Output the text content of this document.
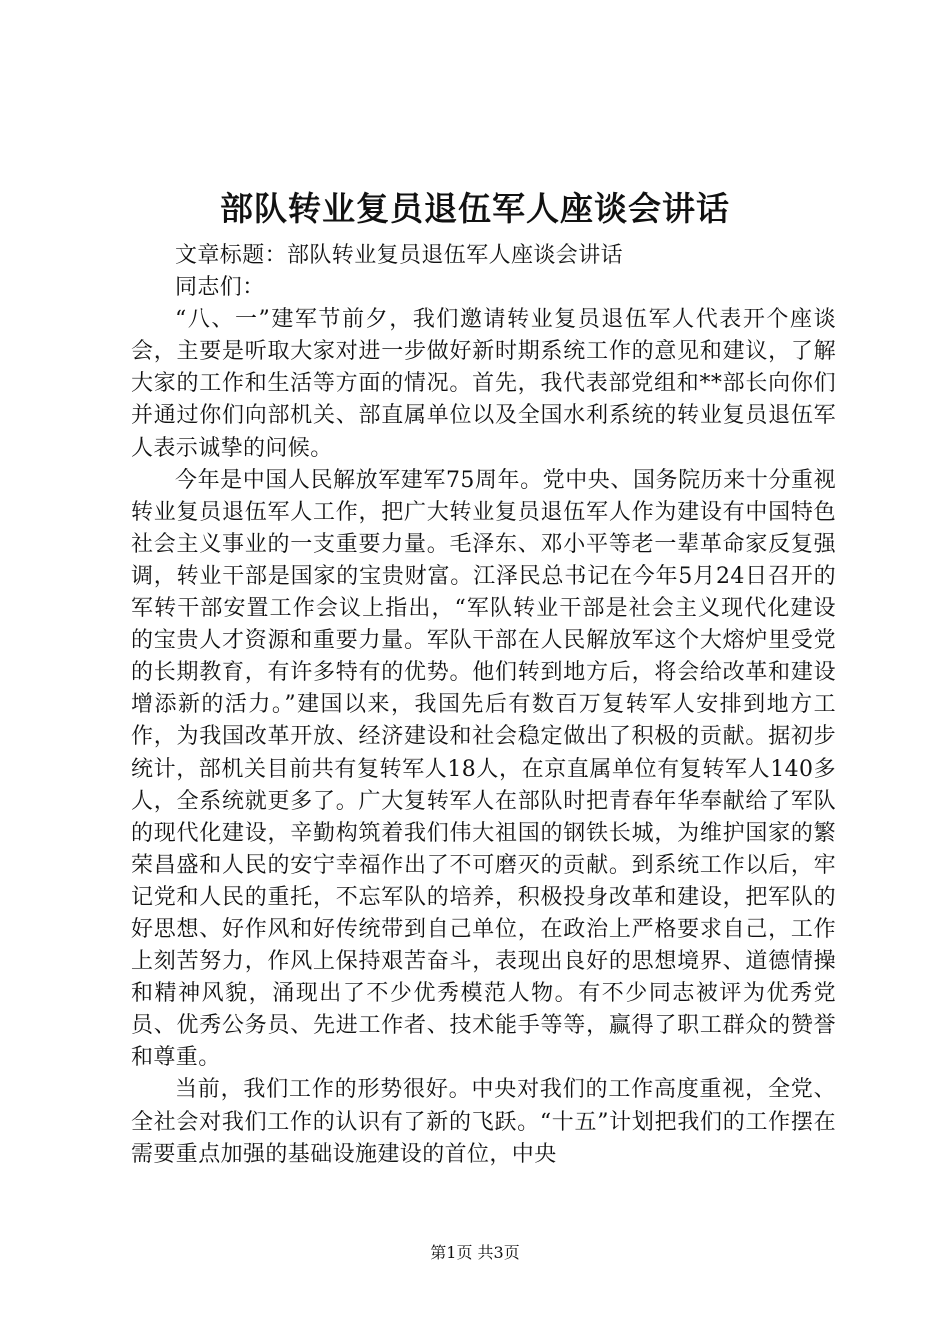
部队转业复员退伍军人座谈会讲话

文章标题：部队转业复员退伍军人座谈会讲话

同志们：

“八、一”建军节前夕，我们邀请转业复员退伍军人代表开个座谈会，主要是听取大家对进一步做好新时期系统工作的意见和建议，了解大家的工作和生活等方面的情况。首先，我代表部党组和**部长向你们并通过你们向部机关、部直属单位以及全国水利系统的转业复员退伍军人表示诚挚的问候。

今年是中国人民解放军建军75周年。党中央、国务院历来十分重视转业复员退伍军人工作，把广大转业复员退伍军人作为建设有中国特色社会主义事业的一支重要力量。毛泽东、邓小平等老一辈革命家反复强调，转业干部是国家的宝贵财富。江泽民总书记在今年5月24日召开的军转干部安置工作会议上指出，“军队转业干部是社会主义现代化建设的宝贵人才资源和重要力量。军队干部在人民解放军这个大熔炉里受党的长期教育，有许多特有的优势。他们转到地方后，将会给改革和建设增添新的活力。”建国以来，我国先后有数百万复转军人安排到地方工作，为我国改革开放、经济建设和社会稳定做出了积极的贡献。据初步统计，部机关目前共有复转军人18人，在京直属单位有复转军人140多人，全系统就更多了。广大复转军人在部队时把青春年华奉献给了军队的现代化建设，辛勤构筑着我们伟大祖国的钢铁长城，为维护国家的繁荣昌盛和人民的安宁幸福作出了不可磨灭的贡献。到系统工作以后，牢记党和人民的重托，不忘军队的培养，积极投身改革和建设，把军队的好思想、好作风和好传统带到自己单位，在政治上严格要求自己，工作上刻苦努力，作风上保持艰苦奋斗，表现出良好的思想境界、道德情操和精神风貌，涌现出了不少优秀模范人物。有不少同志被评为优秀党员、优秀公务员、先进工作者、技术能手等等，赢得了职工群众的赞誉和尊重。

当前，我们工作的形势很好。中央对我们的工作高度重视，全党、全社会对我们工作的认识有了新的飞跃。“十五”计划把我们的工作摆在需要重点加强的基础设施建设的首位，中央

第1页 共3页
